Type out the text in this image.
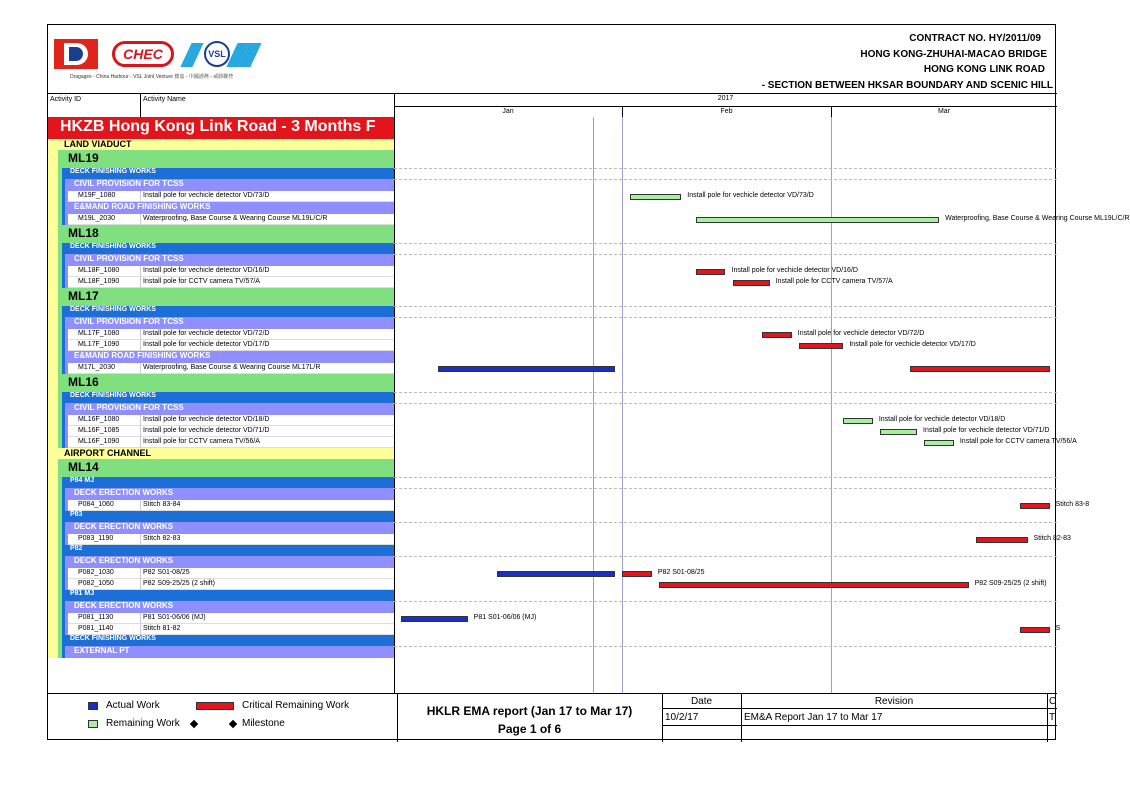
CHEC	VSL
Dragages - China Harbour - VSL Joint Venture 寶嘉 - 中國港灣 - 威勝聯營
CONTRACT NO. HY/2011/09
HONG KONG-ZHUHAI-MACAO BRIDGE
HONG KONG LINK ROAD
- SECTION BETWEEN HKSAR BOUNDARY AND SCENIC HILL
Activity ID	Activity Name	2017
Jan	Feb	Mar
HKZB Hong Kong Link Road - 3 Months F
LAND VIADUCT
ML19
DECK FINISHING WORKS
CIVIL PROVISION FOR TCSS
M19F_1080	Install pole for vechicle detector VD/73/D
E&MAND ROAD FINISHING WORKS
M19L_2030	Waterproofing, Base Course & Wearing Course ML19L/C/R
ML18
DECK FINISHING WORKS
CIVIL PROVISION FOR TCSS
ML18F_1080	Install pole for vechicle detector VD/16/D
ML18F_1090	Install pole for CCTV camera TV/57/A
ML17
DECK FINISHING WORKS
CIVIL PROVISION FOR TCSS
ML17F_1080	Install pole for vechicle detector VD/72/D
ML17F_1090	Install pole for vechicle detector VD/17/D
E&MAND ROAD FINISHING WORKS
M17L_2030	Waterproofing, Base Course & Wearing Course ML17L/R
ML16
DECK FINISHING WORKS
CIVIL PROVISION FOR TCSS
ML16F_1080	Install pole for vechicle detector VD/18/D
ML16F_1085	Install pole for vechicle detector VD/71/D
ML16F_1090	Install pole for CCTV camera TV/56/A
AIRPORT CHANNEL
ML14
P84 MJ
DECK ERECTION WORKS
P084_1060	Stitch 83-84
P83
DECK ERECTION WORKS
P083_1190	Stitch 82-83
P82
DECK ERECTION WORKS
P082_1030	P82 S01-08/25
P082_1050	P82 S09-25/25 (2 shift)
P81 MJ
DECK ERECTION WORKS
P081_1130	P81 S01-06/06 (MJ)
P081_1140	Stitch 81-82
DECK FINISHING WORKS
EXTERNAL PT
Install pole for vechicle detector VD/73/D
Waterproofing, Base Course & Wearing Course ML19L/C/R
Install pole for vechicle detector VD/16/D
Install pole for CCTV camera TV/57/A
Install pole for vechicle detector VD/72/D
Install pole for vechicle detector VD/17/D
Install pole for vechicle detector VD/18/D
Install pole for vechicle detector VD/71/D
Install pole for CCTV camera TV/56/A
Stitch 83-8
Stitch 82-83
P82 S01-08/25
P82 S09-25/25 (2 shift)
P81 S01-06/06 (MJ)
S
Actual Work	Critical Remaining Work
Remaining Work	Milestone
HKLR EMA report (Jan 17 to Mar 17)
Page 1 of 6
Date	Revision	C
10/2/17	EM&A Report Jan 17 to Mar 17	T
